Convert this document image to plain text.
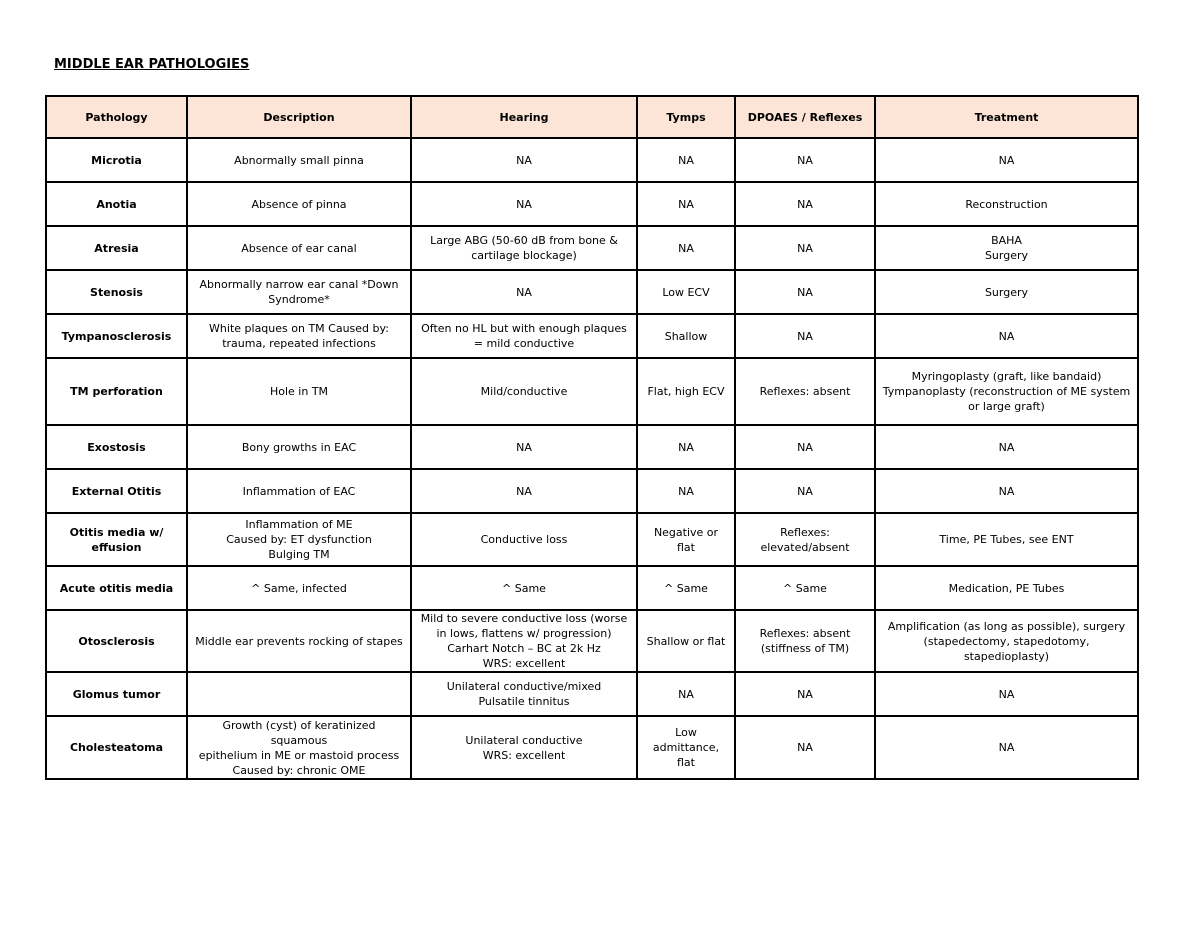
MIDDLE EAR PATHOLOGIES
Pathology	Description	Hearing	Tymps	DPOAES / Reflexes	Treatment
Microtia	Abnormally small pinna	NA	NA	NA	NA

Anotia	Absence of pinna	NA	NA	NA	Reconstruction

Atresia	Absence of ear canal	Large ABG (50-60 dB from bone &
cartilage blockage)	NA	NA	BAHA
Surgery

Stenosis	Abnormally narrow ear canal *Down
Syndrome*	NA	Low ECV	NA	Surgery

Tympanosclerosis	White plaques on TM Caused by:
trauma, repeated infections	Often no HL but with enough plaques
= mild conductive	Shallow	NA	NA

TM perforation	Hole in TM	Mild/conductive	Flat, high ECV	Reflexes: absent	Myringoplasty (graft, like bandaid)
Tympanoplasty (reconstruction of ME system
or large graft)

Exostosis	Bony growths in EAC	NA	NA	NA	NA

External Otitis	Inflammation of EAC	NA	NA	NA	NA

Otitis media w/ effusion	Inflammation of ME
Caused by: ET dysfunction
Bulging TM	Conductive loss	Negative or
flat	Reflexes:
elevated/absent	Time, PE Tubes, see ENT

Acute otitis media	^ Same, infected	^ Same	^ Same	^ Same	Medication, PE Tubes

Otosclerosis	Middle ear prevents rocking of stapes	Mild to severe conductive loss (worse
in lows, flattens w/ progression)
Carhart Notch – BC at 2k Hz
WRS: excellent	Shallow or flat	Reflexes: absent
(stiffness of TM)	Amplification (as long as possible), surgery
(stapedectomy, stapedotomy, stapediopIasty)

Glomus tumor		Unilateral conductive/mixed
Pulsatile tinnitus	NA	NA	NA

Cholesteatoma	Growth (cyst) of keratinized squamous
epithelium in ME or mastoid process
Caused by: chronic OME	Unilateral conductive
WRS: excellent	Low
admittance,
flat	NA	NA
